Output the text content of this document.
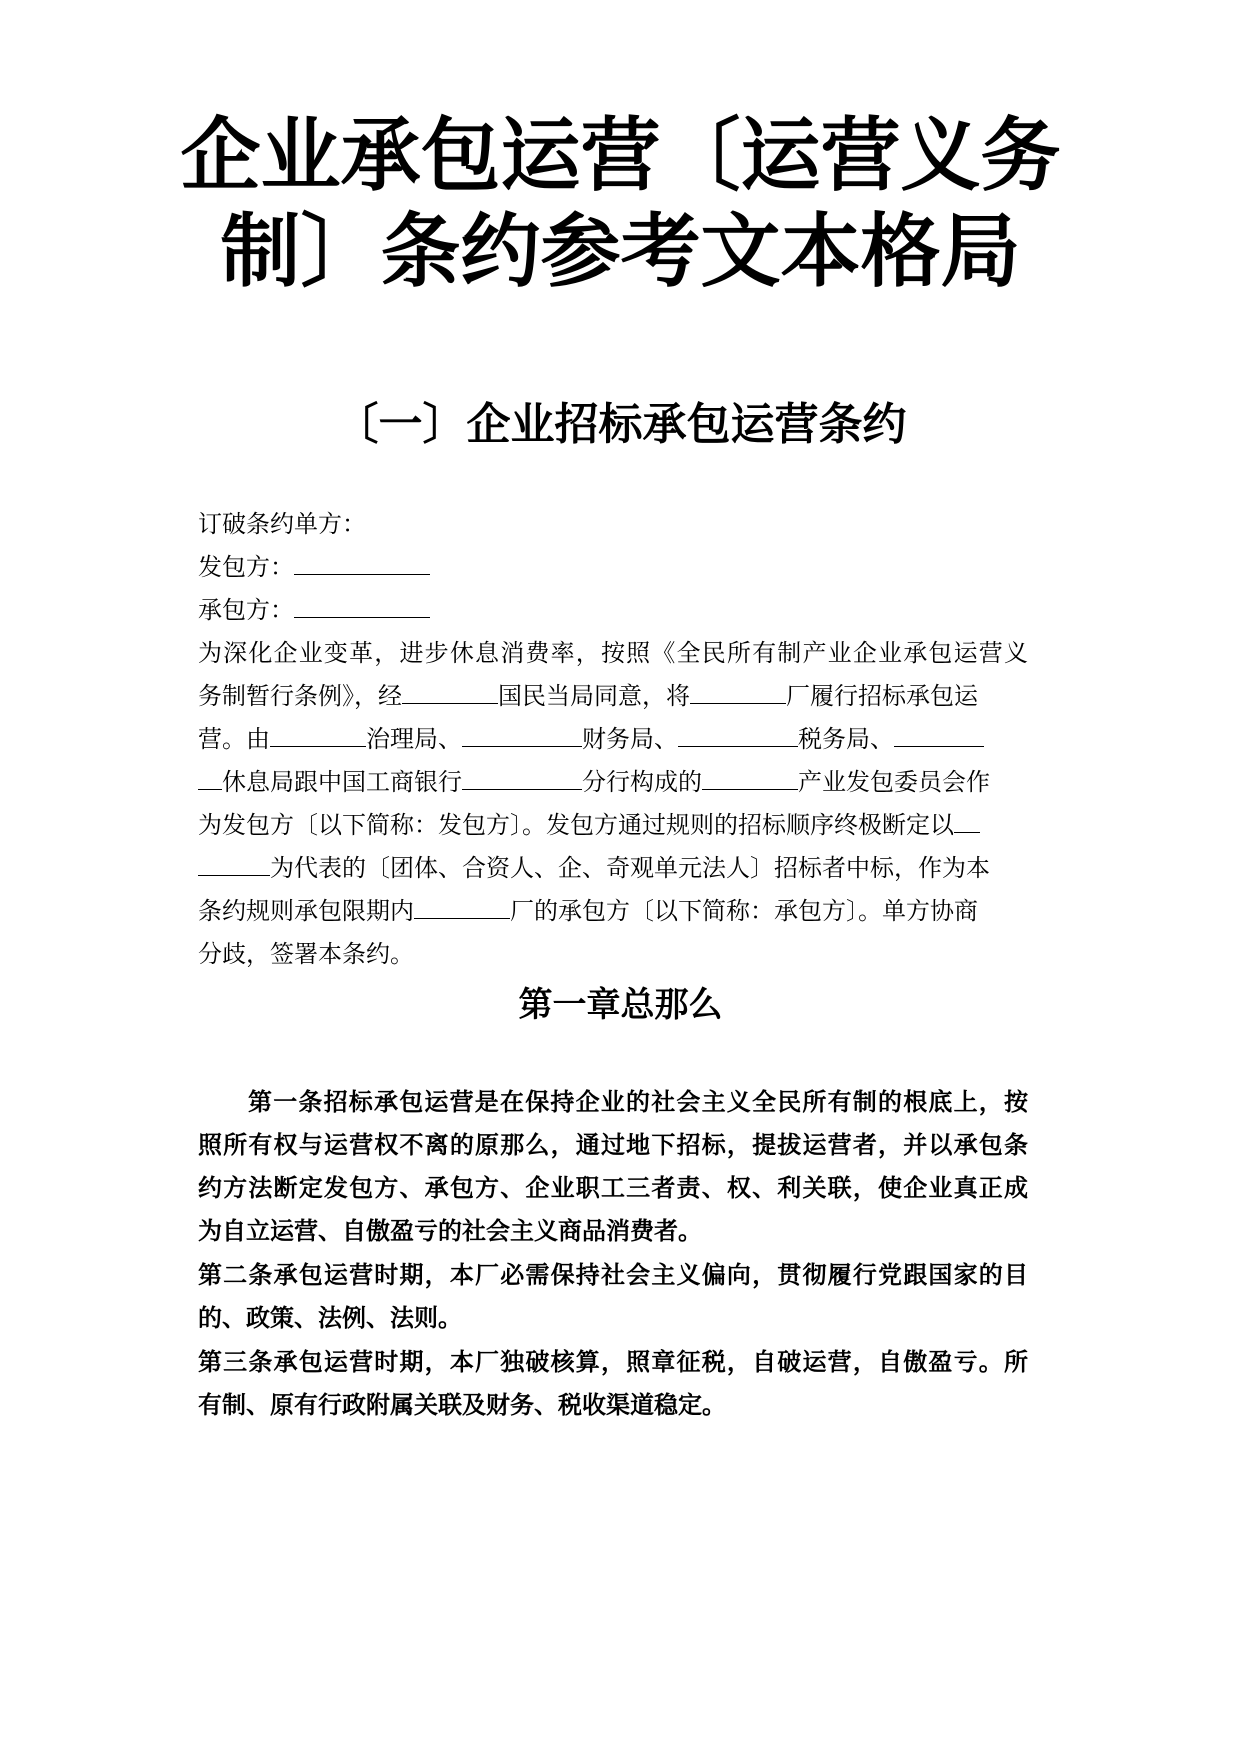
企业承包运营〔运营义务
制〕条约参考文本格局
〔一〕企业招标承包运营条约
订破条约单方：
发包方：
承包方：
为深化企业变革，进步休息消费率，按照《全民所有制产业企业承包运营义
务制暂行条例》，经	国民当局同意，将	厂履行招标承包运
营。由	治理局、	财务局、	税务局、
休息局跟中国工商银行	分行构成的	产业发包委员会作
为发包方〔以下简称：发包方〕。发包方通过规则的招标顺序终极断定以
为代表的〔团体、合资人、企、奇观单元法人〕招标者中标，作为本
条约规则承包限期内	厂的承包方〔以下简称：承包方〕。单方协商
分歧，签署本条约。
第一章总那么
第一条招标承包运营是在保持企业的社会主义全民所有制的根底上，按
照所有权与运营权不离的原那么，通过地下招标，提拔运营者，并以承包条
约方法断定发包方、承包方、企业职工三者责、权、利关联，使企业真正成
为自立运营、自傲盈亏的社会主义商品消费者。
第二条承包运营时期，本厂必需保持社会主义偏向，贯彻履行党跟国家的目
的、政策、法例、法则。
第三条承包运营时期，本厂独破核算，照章征税，自破运营，自傲盈亏。所
有制、原有行政附属关联及财务、税收渠道稳定。
